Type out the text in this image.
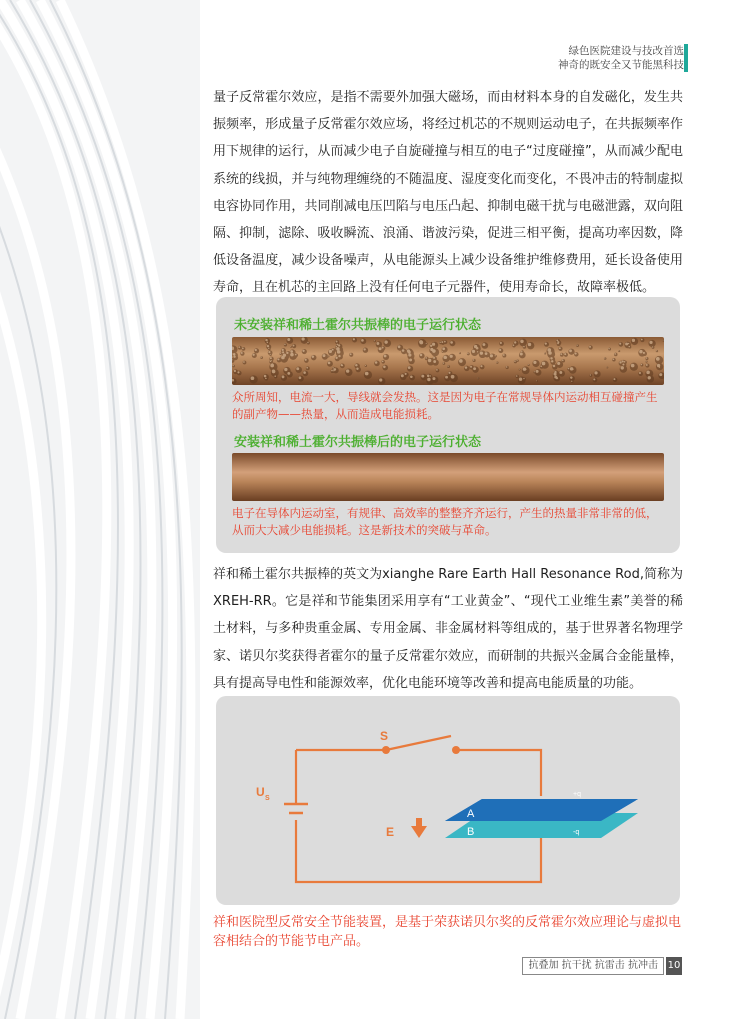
绿色医院建设与技改首选
神奇的既安全又节能黑科技

量子反常霍尔效应，是指不需要外加强大磁场，而由材料本身的自发磁化，发生共振频率，形成量子反常霍尔效应场，将经过机芯的不规则运动电子，在共振频率作用下规律的运行，从而减少电子自旋碰撞与相互的电子“过度碰撞”，从而减少配电系统的线损，并与纯物理缠绕的不随温度、湿度变化而变化，不畏冲击的特制虚拟电容协同作用，共同削减电压凹陷与电压凸起、抑制电磁干扰与电磁泄露，双向阻隔、抑制，滤除、吸收瞬流、浪涌、谐波污染，促进三相平衡，提高功率因数，降低设备温度，减少设备噪声，从电能源头上减少设备维护维修费用，延长设备使用寿命，且在机芯的主回路上没有任何电子元器件，使用寿命长，故障率极低。

未安装祥和稀土霍尔共振棒的电子运行状态

众所周知，电流一大，导线就会发热。这是因为电子在常规导体内运动相互碰撞产生的副产物——热量，从而造成电能损耗。

安装祥和稀土霍尔共振棒后的电子运行状态

电子在导体内运动室，有规律、高效率的整整齐齐运行，产生的热量非常非常的低，从而大大减少电能损耗。这是新技术的突破与革命。

祥和稀土霍尔共振棒的英文为xianghe Rare Earth Hall Resonance Rod,简称为XREH-RR。它是祥和节能集团采用享有“工业黄金”、“现代工业维生素”美誉的稀土材料，与多种贵重金属、专用金属、非金属材料等组成的，基于世界著名物理学家、诺贝尔奖获得者霍尔的量子反常霍尔效应，而研制的共振兴金属合金能量棒，具有提高导电性和能源效率，优化电能环境等改善和提高电能质量的功能。

S
U S
E
A
B
+q
-q

祥和医院型反常安全节能装置，是基于荣获诺贝尔奖的反常霍尔效应理论与虚拟电容相结合的节能节电产品。

抗叠加 抗干扰 抗雷击 抗冲击 10
